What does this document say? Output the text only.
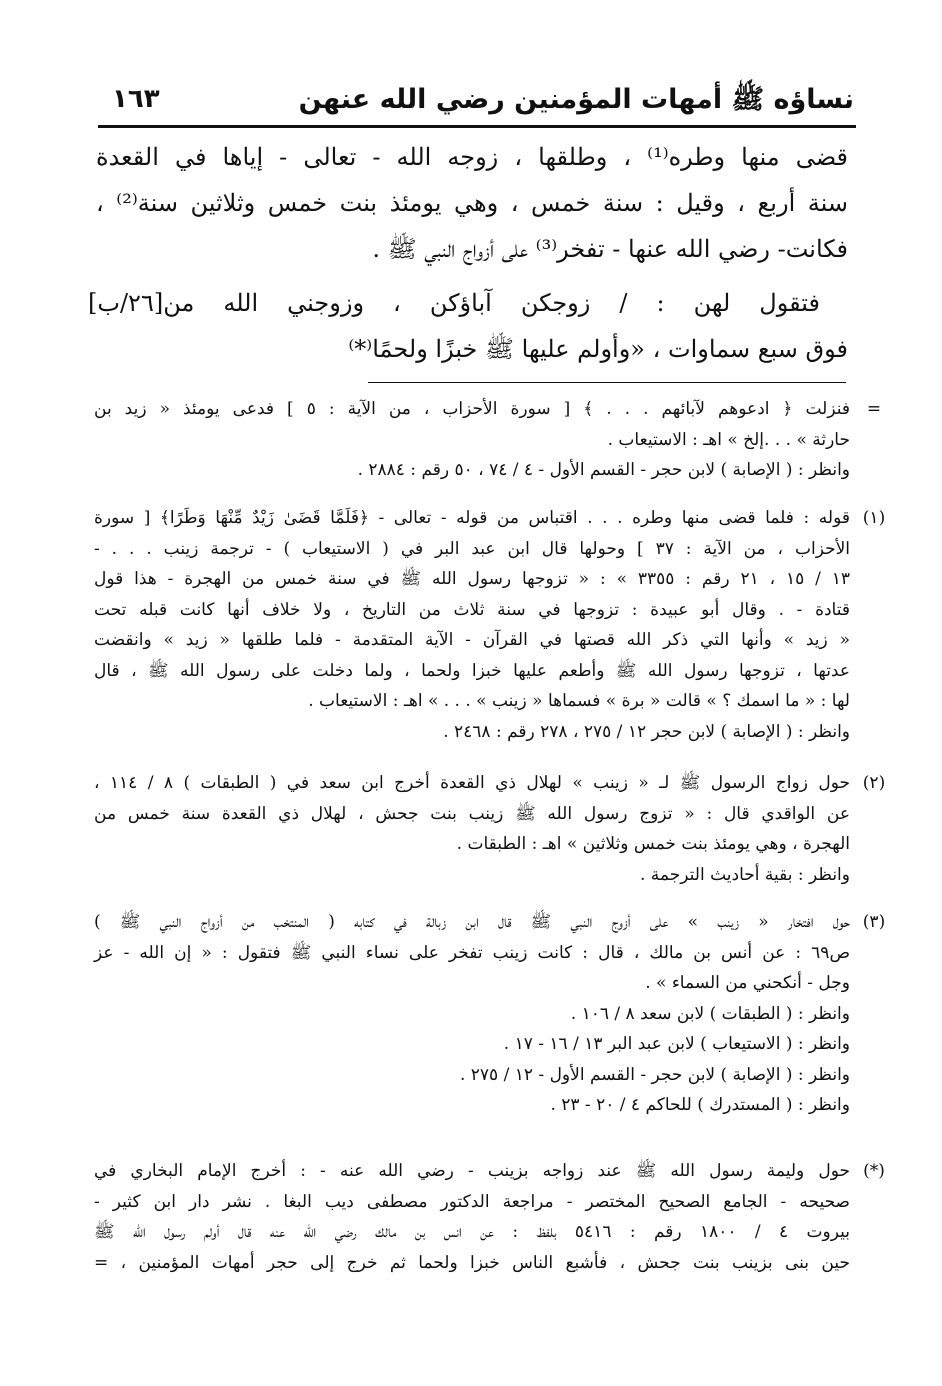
نساؤه ﷺ أمهات المؤمنين رضي الله عنهن
١٦٣
قضى منها وطره⁽¹⁾ ، وطلقها ، زوجه الله - تعالى - إياها في القعدة
سنة أربع ، وقيل : سنة خمس ، وهي يومئذ بنت خمس وثلاثين سنة⁽²⁾ ،
فكانت- رضي الله عنها - تفخر⁽³⁾ على أزواج النبي ﷺ .
فتقول لهن : / زوجكن آباؤكن ، وزوجني الله من[٢٦/ب]
فوق سبع سماوات ، «وأولم عليها ﷺ خبزًا ولحمًا⁽*⁾
=
فنزلت ﴿ ادعوهم لآبائهم . . . ﴾ [ سورة الأحزاب ، من الآية : ٥ ] فدعى يومئذ « زيد بن
حارثة » . . .إلخ » اهـ : الاستيعاب .
وانظر : ( الإصابة ) لابن حجر - القسم الأول - ٤ / ٧٤ ، ٥٠ رقم : ٢٨٨٤ .
(١)
قوله : فلما قضى منها وطره . . . اقتباس من قوله - تعالى - ﴿فَلَمَّا قَضَىٰ زَيْدٌ مِّنْهَا وَطَرًا﴾ [ سورة
الأحزاب ، من الآية : ٣٧ ] وحولها قال ابن عبد البر في ( الاستيعاب ) - ترجمة زينب . . . -
١٣ / ١٥ ، ٢١ رقم : ٣٣٥٥ » : « تزوجها رسول الله ﷺ في سنة خمس من الهجرة - هذا قول
قتادة - . وقال أبو عبيدة : تزوجها في سنة ثلاث من التاريخ ، ولا خلاف أنها كانت قبله تحت
« زيد » وأنها التي ذكر الله قصتها في القرآن - الآية المتقدمة - فلما طلقها « زيد » وانقضت
عدتها ، تزوجها رسول الله ﷺ وأطعم عليها خبزا ولحما ، ولما دخلت على رسول الله ﷺ ، قال
لها : « ما اسمك ؟ » قالت « برة » فسماها « زينب » . . . » اهـ : الاستيعاب .
وانظر : ( الإصابة ) لابن حجر ١٢ / ٢٧٥ ، ٢٧٨ رقم : ٢٤٦٨ .
(٢)
حول زواج الرسول ﷺ لـ « زينب » لهلال ذي القعدة أخرج ابن سعد في ( الطبقات ) ٨ / ١١٤ ،
عن الواقدي قال : « تزوج رسول الله ﷺ زينب بنت جحش ، لهلال ذي القعدة سنة خمس من
الهجرة ، وهي يومئذ بنت خمس وثلاثين » اهـ : الطبقات .
وانظر : بقية أحاديث الترجمة .
(٣)
حول افتخار « زينب » على أزوج النبي ﷺ قال ابن زبالة في كتابه ( المنتخب من أزواج النبي ﷺ )
ص٦٩ : عن أنس بن مالك ، قال : كانت زينب تفخر على نساء النبي ﷺ فتقول : « إن الله - عز
وجل - أنكحني من السماء » .
وانظر : ( الطبقات ) لابن سعد ٨ / ١٠٦ .
وانظر : ( الاستيعاب ) لابن عبد البر ١٣ / ١٦ - ١٧ .
وانظر : ( الإصابة ) لابن حجر - القسم الأول - ١٢ / ٢٧٥ .
وانظر : ( المستدرك ) للحاكم ٤ / ٢٠ - ٢٣ .
(*)
حول وليمة رسول الله ﷺ عند زواجه بزينب - رضي الله عنه - : أخرج الإمام البخاري في
صحيحه - الجامع الصحيح المختصر - مراجعة الدكتور مصطفى ديب البغا . نشر دار ابن كثير -
بيروت ٤ / ١٨٠٠ رقم : ٥٤١٦ بلفظ : عن انس بن مالك رضي الله عنه قال أولم رسول الله ﷺ
حين بنى بزينب بنت جحش ، فأشبع الناس خبزا ولحما ثم خرج إلى حجر أمهات المؤمنين ، =
